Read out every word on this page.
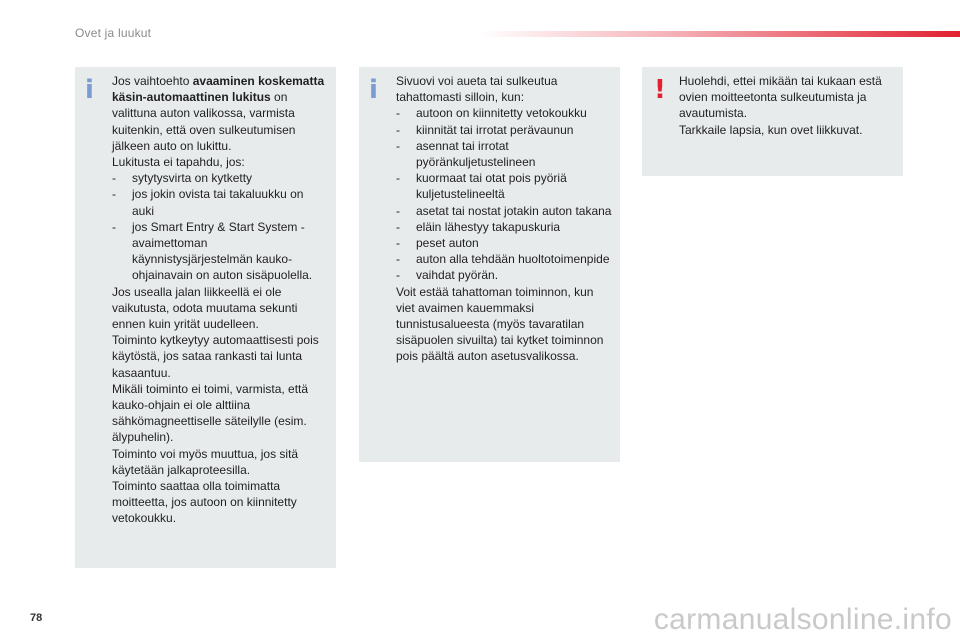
Ovet ja luukut
i Jos vaihtoehto avaaminen koskematta käsin-automaattinen lukitus on valittuna auton valikossa, varmista kuitenkin, että oven sulkeutumisen jälkeen auto on lukittu.

Lukitusta ei tapahdu, jos:

- sytytysvirta on kytketty
- jos jokin ovista tai takaluukku on auki
- jos Smart Entry & Start System -avaimettoman käynnistysjärjestelmän kauko-ohjainavain on auton sisäpuolella.

Jos usealla jalan liikkeellä ei ole vaikutusta, odota muutama sekunti ennen kuin yrität uudelleen.

Toiminto kytkeytyy automaattisesti pois käytöstä, jos sataa rankasti tai lunta kasaantuu.

Mikäli toiminto ei toimi, varmista, että kauko-ohjain ei ole alttiina sähkömagneettiselle säteilylle (esim. älypuhelin).

Toiminto voi myös muuttua, jos sitä käytetään jalkaproteesilla.

Toiminto saattaa olla toimimatta moitteetta, jos autoon on kiinnitetty vetokoukku.

i Sivuovi voi aueta tai sulkeutua tahattomasti silloin, kun:

- autoon on kiinnitetty vetokoukku
- kiinnität tai irrotat perävaunun
- asennat tai irrotat pyöränkuljetustelineen
- kuormaat tai otat pois pyöriä kuljetustelineeltä
- asetat tai nostat jotakin auton takana
- eläin lähestyy takapuskuria
- peset auton
- auton alla tehdään huoltotoimenpide
- vaihdat pyörän.

Voit estää tahattoman toiminnon, kun viet avaimen kauemmaksi tunnistusalueesta (myös tavaratilan sisäpuolen sivuilta) tai kytket toiminnon pois päältä auton asetusvalikossa.

! Huolehdi, ettei mikään tai kukaan estä ovien moitteetonta sulkeutumista ja avautumista.

Tarkkaile lapsia, kun ovet liikkuvat.

78	carmanualsonline.info
